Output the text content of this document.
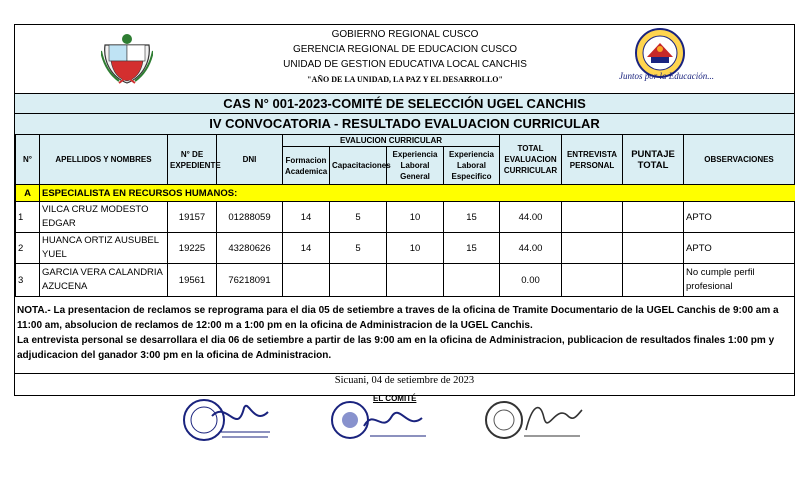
GOBIERNO REGIONAL CUSCO
GERENCIA REGIONAL DE EDUCACION CUSCO
UNIDAD DE GESTION EDUCATIVA LOCAL CANCHIS
"AÑO DE LA UNIDAD, LA PAZ Y EL DESARROLLO"	Juntos por la Educación...
CAS N° 001-2023-COMITÉ DE SELECCIÓN UGEL CANCHIS
IV CONVOCATORIA - RESULTADO EVALUACION CURRICULAR
N°	APELLIDOS Y NOMBRES	N° DE EXPEDIENTE	DNI	EVALUCION CURRICULAR				TOTAL EVALUACION CURRICULAR	ENTREVISTA PERSONAL	PUNTAJE TOTAL	OBSERVACIONES
				Formacion Academica	Capacitaciones	Experiencia Laboral General	Experiencia Laboral Especifico				
A	ESPECIALISTA EN RECURSOS HUMANOS:										
1	VILCA CRUZ MODESTO EDGAR	19157	01288059	14	5	10	15	44.00			APTO
2	HUANCA ORTIZ AUSUBEL YUEL	19225	43280626	14	5	10	15	44.00			APTO
3	GARCIA VERA CALANDRIA AZUCENA	19561	76218091					0.00			No cumple perfil profesional
NOTA.- La presentacion de reclamos se reprograma para el dia 05 de setiembre a traves de la oficina de Tramite Documentario de la UGEL Canchis de 9:00 am a 11:00 am, absolucion de reclamos de 12:00 m a 1:00 pm en la oficina de Administracion de la UGEL Canchis.
La entrevista personal se desarrollara el dia 06 de setiembre a partir de las 9:00 am en la oficina de Administracion, publicacion de resultados finales 1:00 pm y adjudicacion del ganador 3:00 pm en la oficina de Administracion.
Sicuani, 04 de setiembre de 2023
EL COMITÉ
